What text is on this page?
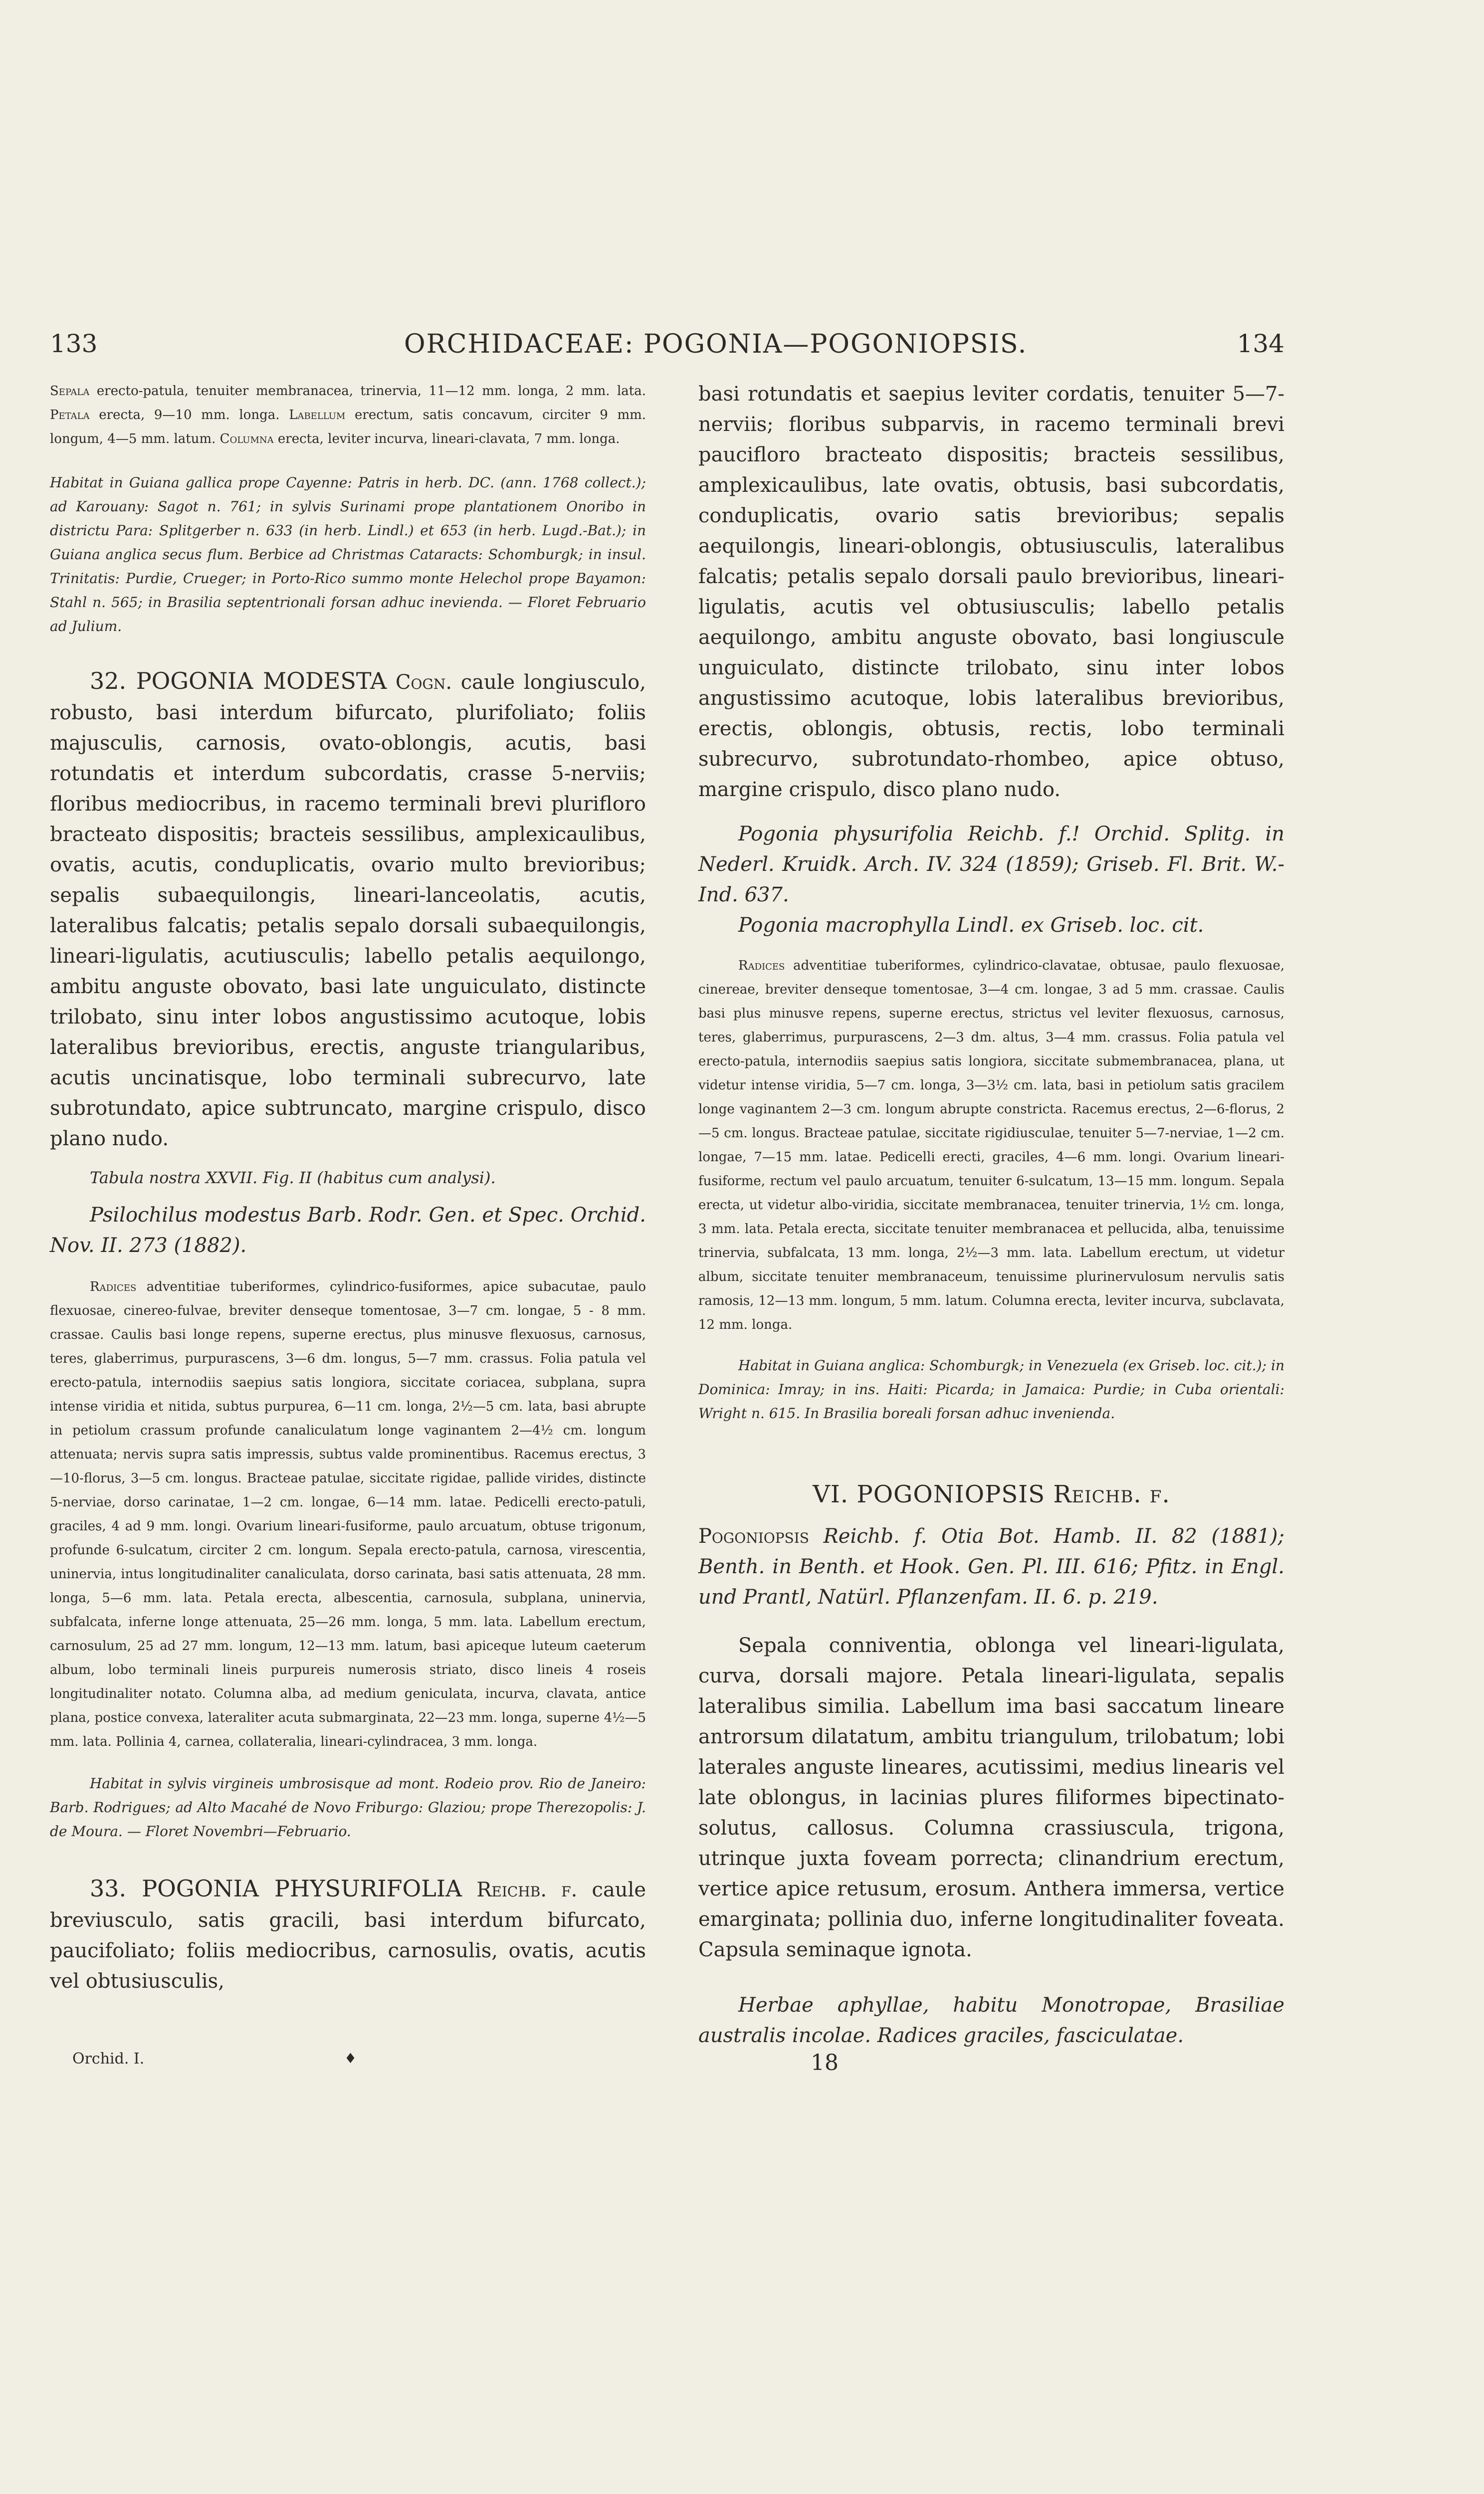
133	ORCHIDACEAE: POGONIA—POGONIOPSIS.	134

Sepala erecto-patula, tenuiter membranacea, trinervia, 11—12 mm. longa, 2 mm. lata. Petala erecta, 9—10 mm. longa. Labellum erectum, satis concavum, circiter 9 mm. longum, 4—5 mm. latum. Columna erecta, leviter incurva, lineari-clavata, 7 mm. longa.

Habitat in Guiana gallica prope Cayenne: Patris in herb. DC. (ann. 1768 collect.); ad Karouany: Sagot n. 761; in sylvis Surinami prope plantationem Onoribo in districtu Para: Splitgerber n. 633 (in herb. Lindl.) et 653 (in herb. Lugd.-Bat.); in Guiana anglica secus flum. Berbice ad Christmas Cataracts: Schomburgk; in insul. Trinitatis: Purdie, Crueger; in Porto-Rico summo monte Helechol prope Bayamon: Stahl n. 565; in Brasilia septentrionali forsan adhuc inevienda. — Floret Februario ad Julium.

32. POGONIA MODESTA Cogn. caule longiusculo, robusto, basi interdum bifurcato, plurifoliato; foliis majusculis, carnosis, ovato-oblongis, acutis, basi rotundatis et interdum subcordatis, crasse 5-nerviis; floribus mediocribus, in racemo terminali brevi plurifloro bracteato dispositis; bracteis sessilibus, amplexicaulibus, ovatis, acutis, conduplicatis, ovario multo brevioribus; sepalis subaequilongis, lineari-lanceolatis, acutis, lateralibus falcatis; petalis sepalo dorsali subaequilongis, lineari-ligulatis, acutiusculis; labello petalis aequilongo, ambitu anguste obovato, basi late unguiculato, distincte trilobato, sinu inter lobos angustissimo acutoque, lobis lateralibus brevioribus, erectis, anguste triangularibus, acutis uncinatisque, lobo terminali subrecurvo, late subrotundato, apice subtruncato, margine crispulo, disco plano nudo.

Tabula nostra XXVII. Fig. II (habitus cum analysi).

Psilochilus modestus Barb. Rodr. Gen. et Spec. Orchid. Nov. II. 273 (1882).

Radices adventitiae tuberiformes, cylindrico-fusiformes, apice subacutae, paulo flexuosae, cinereo-fulvae, breviter denseque tomentosae, 3—7 cm. longae, 5 - 8 mm. crassae. Caulis basi longe repens, superne erectus, plus minusve flexuosus, carnosus, teres, glaberrimus, purpurascens, 3—6 dm. longus, 5—7 mm. crassus. Folia patula vel erecto-patula, internodiis saepius satis longiora, siccitate coriacea, subplana, supra intense viridia et nitida, subtus purpurea, 6—11 cm. longa, 2½—5 cm. lata, basi abrupte in petiolum crassum profunde canaliculatum longe vaginantem 2—4½ cm. longum attenuata; nervis supra satis impressis, subtus valde prominentibus. Racemus erectus, 3—10-florus, 3—5 cm. longus. Bracteae patulae, siccitate rigidae, pallide virides, distincte 5-nerviae, dorso carinatae, 1—2 cm. longae, 6—14 mm. latae. Pedicelli erecto-patuli, graciles, 4 ad 9 mm. longi. Ovarium lineari-fusiforme, paulo arcuatum, obtuse trigonum, profunde 6-sulcatum, circiter 2 cm. longum. Sepala erecto-patula, carnosa, virescentia, uninervia, intus longitudinaliter canaliculata, dorso carinata, basi satis attenuata, 28 mm. longa, 5—6 mm. lata. Petala erecta, albescentia, carnosula, subplana, uninervia, subfalcata, inferne longe attenuata, 25—26 mm. longa, 5 mm. lata. Labellum erectum, carnosulum, 25 ad 27 mm. longum, 12—13 mm. latum, basi apiceque luteum caeterum album, lobo terminali lineis purpureis numerosis striato, disco lineis 4 roseis longitudinaliter notato. Columna alba, ad medium geniculata, incurva, clavata, antice plana, postice convexa, lateraliter acuta submarginata, 22—23 mm. longa, superne 4½—5 mm. lata. Pollinia 4, carnea, collateralia, lineari-cylindracea, 3 mm. longa.

Habitat in sylvis virgineis umbrosisque ad mont. Rodeio prov. Rio de Janeiro: Barb. Rodrigues; ad Alto Macahé de Novo Friburgo: Glaziou; prope Therezopolis: J. de Moura. — Floret Novembri—Februario.

33. POGONIA PHYSURIFOLIA Reichb. f. caule breviusculo, satis gracili, basi interdum bifurcato, paucifoliato; foliis mediocribus, carnosulis, ovatis, acutis vel obtusiusculis,

basi rotundatis et saepius leviter cordatis, tenuiter 5—7-nerviis; floribus subparvis, in racemo terminali brevi paucifloro bracteato dispositis; bracteis sessilibus, amplexicaulibus, late ovatis, obtusis, basi subcordatis, conduplicatis, ovario satis brevioribus; sepalis aequilongis, lineari-oblongis, obtusiusculis, lateralibus falcatis; petalis sepalo dorsali paulo brevioribus, lineari-ligulatis, acutis vel obtusiusculis; labello petalis aequilongo, ambitu anguste obovato, basi longiuscule unguiculato, distincte trilobato, sinu inter lobos angustissimo acutoque, lobis lateralibus brevioribus, erectis, oblongis, obtusis, rectis, lobo terminali subrecurvo, subrotundato-rhombeo, apice obtuso, margine crispulo, disco plano nudo.

Pogonia physurifolia Reichb. f.! Orchid. Splitg. in Nederl. Kruidk. Arch. IV. 324 (1859); Griseb. Fl. Brit. W.-Ind. 637.

Pogonia macrophylla Lindl. ex Griseb. loc. cit.

Radices adventitiae tuberiformes, cylindrico-clavatae, obtusae, paulo flexuosae, cinereae, breviter denseque tomentosae, 3—4 cm. longae, 3 ad 5 mm. crassae. Caulis basi plus minusve repens, superne erectus, strictus vel leviter flexuosus, carnosus, teres, glaberrimus, purpurascens, 2—3 dm. altus, 3—4 mm. crassus. Folia patula vel erecto-patula, internodiis saepius satis longiora, siccitate submembranacea, plana, ut videtur intense viridia, 5—7 cm. longa, 3—3½ cm. lata, basi in petiolum satis gracilem longe vaginantem 2—3 cm. longum abrupte constricta. Racemus erectus, 2—6-florus, 2—5 cm. longus. Bracteae patulae, siccitate rigidiusculae, tenuiter 5—7-nerviae, 1—2 cm. longae, 7—15 mm. latae. Pedicelli erecti, graciles, 4—6 mm. longi. Ovarium lineari-fusiforme, rectum vel paulo arcuatum, tenuiter 6-sulcatum, 13—15 mm. longum. Sepala erecta, ut videtur albo-viridia, siccitate membranacea, tenuiter trinervia, 1½ cm. longa, 3 mm. lata. Petala erecta, siccitate tenuiter membranacea et pellucida, alba, tenuissime trinervia, subfalcata, 13 mm. longa, 2½—3 mm. lata. Labellum erectum, ut videtur album, siccitate tenuiter membranaceum, tenuissime plurinervulosum nervulis satis ramosis, 12—13 mm. longum, 5 mm. latum. Columna erecta, leviter incurva, subclavata, 12 mm. longa.

Habitat in Guiana anglica: Schomburgk; in Venezuela (ex Griseb. loc. cit.); in Dominica: Imray; in ins. Haiti: Picarda; in Jamaica: Purdie; in Cuba orientali: Wright n. 615. In Brasilia boreali forsan adhuc invenienda.

VI. POGONIOPSIS Reichb. f.

Pogoniopsis Reichb. f. Otia Bot. Hamb. II. 82 (1881); Benth. in Benth. et Hook. Gen. Pl. III. 616; Pfitz. in Engl. und Prantl, Natürl. Pflanzenfam. II. 6. p. 219.

Sepala conniventia, oblonga vel lineari-ligulata, curva, dorsali majore. Petala lineari-ligulata, sepalis lateralibus similia. Labellum ima basi saccatum lineare antrorsum dilatatum, ambitu triangulum, trilobatum; lobi laterales anguste lineares, acutissimi, medius linearis vel late oblongus, in lacinias plures filiformes bipectinato-solutus, callosus. Columna crassiuscula, trigona, utrinque juxta foveam porrecta; clinandrium erectum, vertice apice retusum, erosum. Anthera immersa, vertice emarginata; pollinia duo, inferne longitudinaliter foveata. Capsula seminaque ignota.

Herbae aphyllae, habitu Monotropae, Brasiliae australis incolae. Radices graciles, fasciculatae.

Orchid. I.	♦	18
